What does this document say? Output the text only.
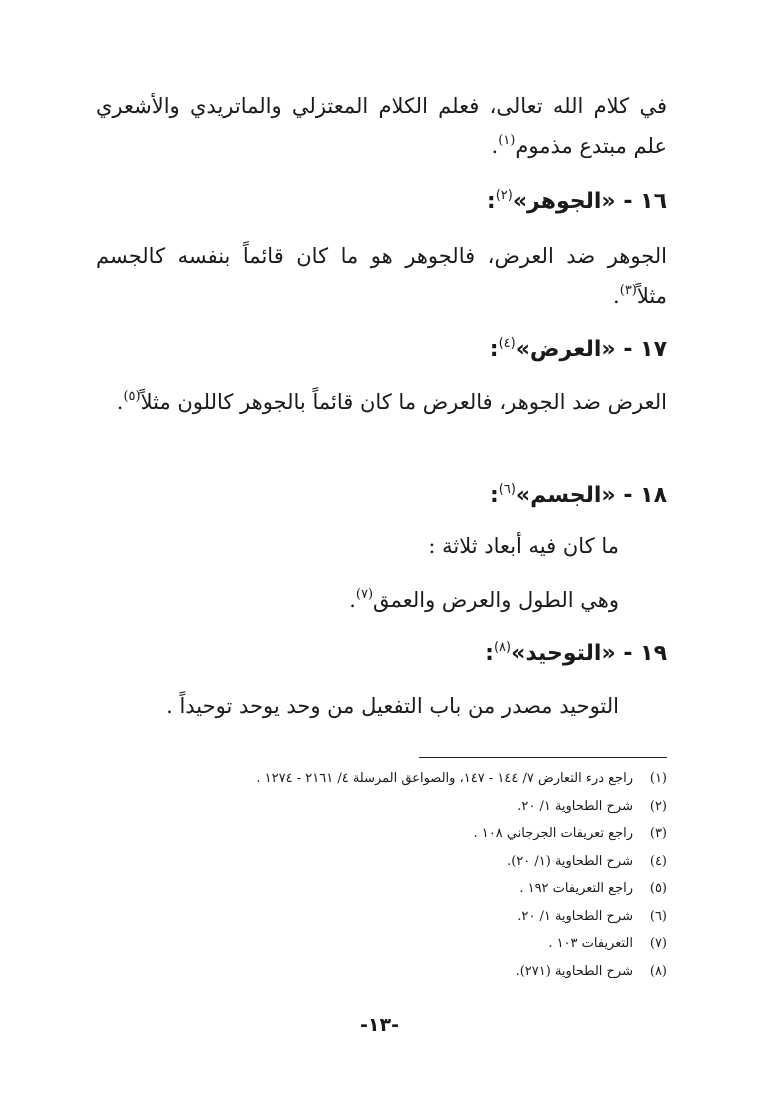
في كلام الله تعالى، فعلم الكلام المعتزلي والماتريدي والأشعري علم مبتدع مذموم$^{(١)}$.

١٦ - «الجوهر»$^{(٢)}$:

الجوهر ضد العرض، فالجوهر هو ما كان قائماً بنفسه كالجسم مثلاً$^{(٣)}$.

١٧ - «العرض»$^{(٤)}$:

العرض ضد الجوهر، فالعرض ما كان قائماً بالجوهر كاللون مثلاً$^{(٥)}$.

١٨ - «الجسم»$^{(٦)}$:
ما كان فيه أبعاد ثلاثة :
وهي الطول والعرض والعمق$^{(٧)}$.
١٩ - «التوحيد»$^{(٨)}$:
التوحيد مصدر من باب التفعيل من وحد يوحد توحيداً .
(١)راجع درء التعارض ٧/ ١٤٤ - ١٤٧، والصواعق المرسلة ٤/ ٢١٦١ - ١٢٧٤ .
(٢)شرح الطحاوية ١/ ٢٠.
(٣)راجع تعريفات الجرجاني ١٠٨ .
(٤)شرح الطحاوية (١/ ٢٠).
(٥)راجع التعريفات ١٩٢ .
(٦)شرح الطحاوية ١/ ٢٠.
(٧)التعريفات ١٠٣ .
(٨)شرح الطحاوية (٢٧١).
-١٣-
